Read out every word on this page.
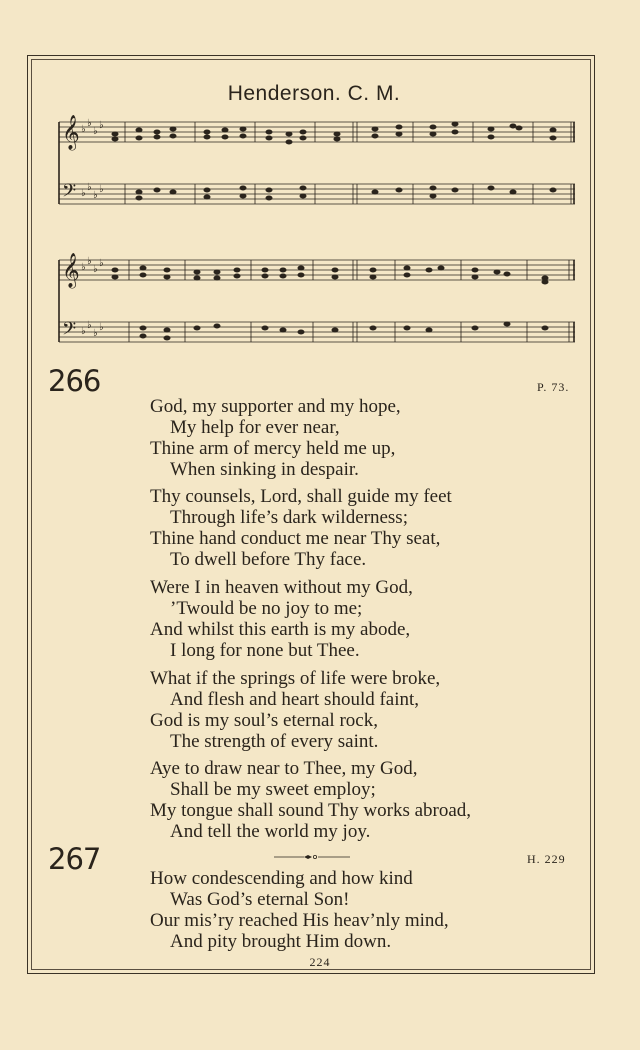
Henderson. C. M.
𝄞
𝄢
♭
♭
♭
♭
♭
♭
♭
♭
𝄞
𝄢
♭
♭
♭
♭
♭
♭
♭
♭
266	P. 73.
God, my supporter and my hope,
My help for ever near,
Thine arm of mercy held me up,
When sinking in despair.
Thy counsels, Lord, shall guide my feet
Through life’s dark wilderness;
Thine hand conduct me near Thy seat,
To dwell before Thy face.
Were I in heaven without my God,
’Twould be no joy to me;
And whilst this earth is my abode,
I long for none but Thee.
What if the springs of life were broke,
And flesh and heart should faint,
God is my soul’s eternal rock,
The strength of every saint.
Aye to draw near to Thee, my God,
Shall be my sweet employ;
My tongue shall sound Thy works abroad,
And tell the world my joy.
267	H. 229
How condescending and how kind
Was God’s eternal Son!
Our mis’ry reached His heav’nly mind,
And pity brought Him down.
224
